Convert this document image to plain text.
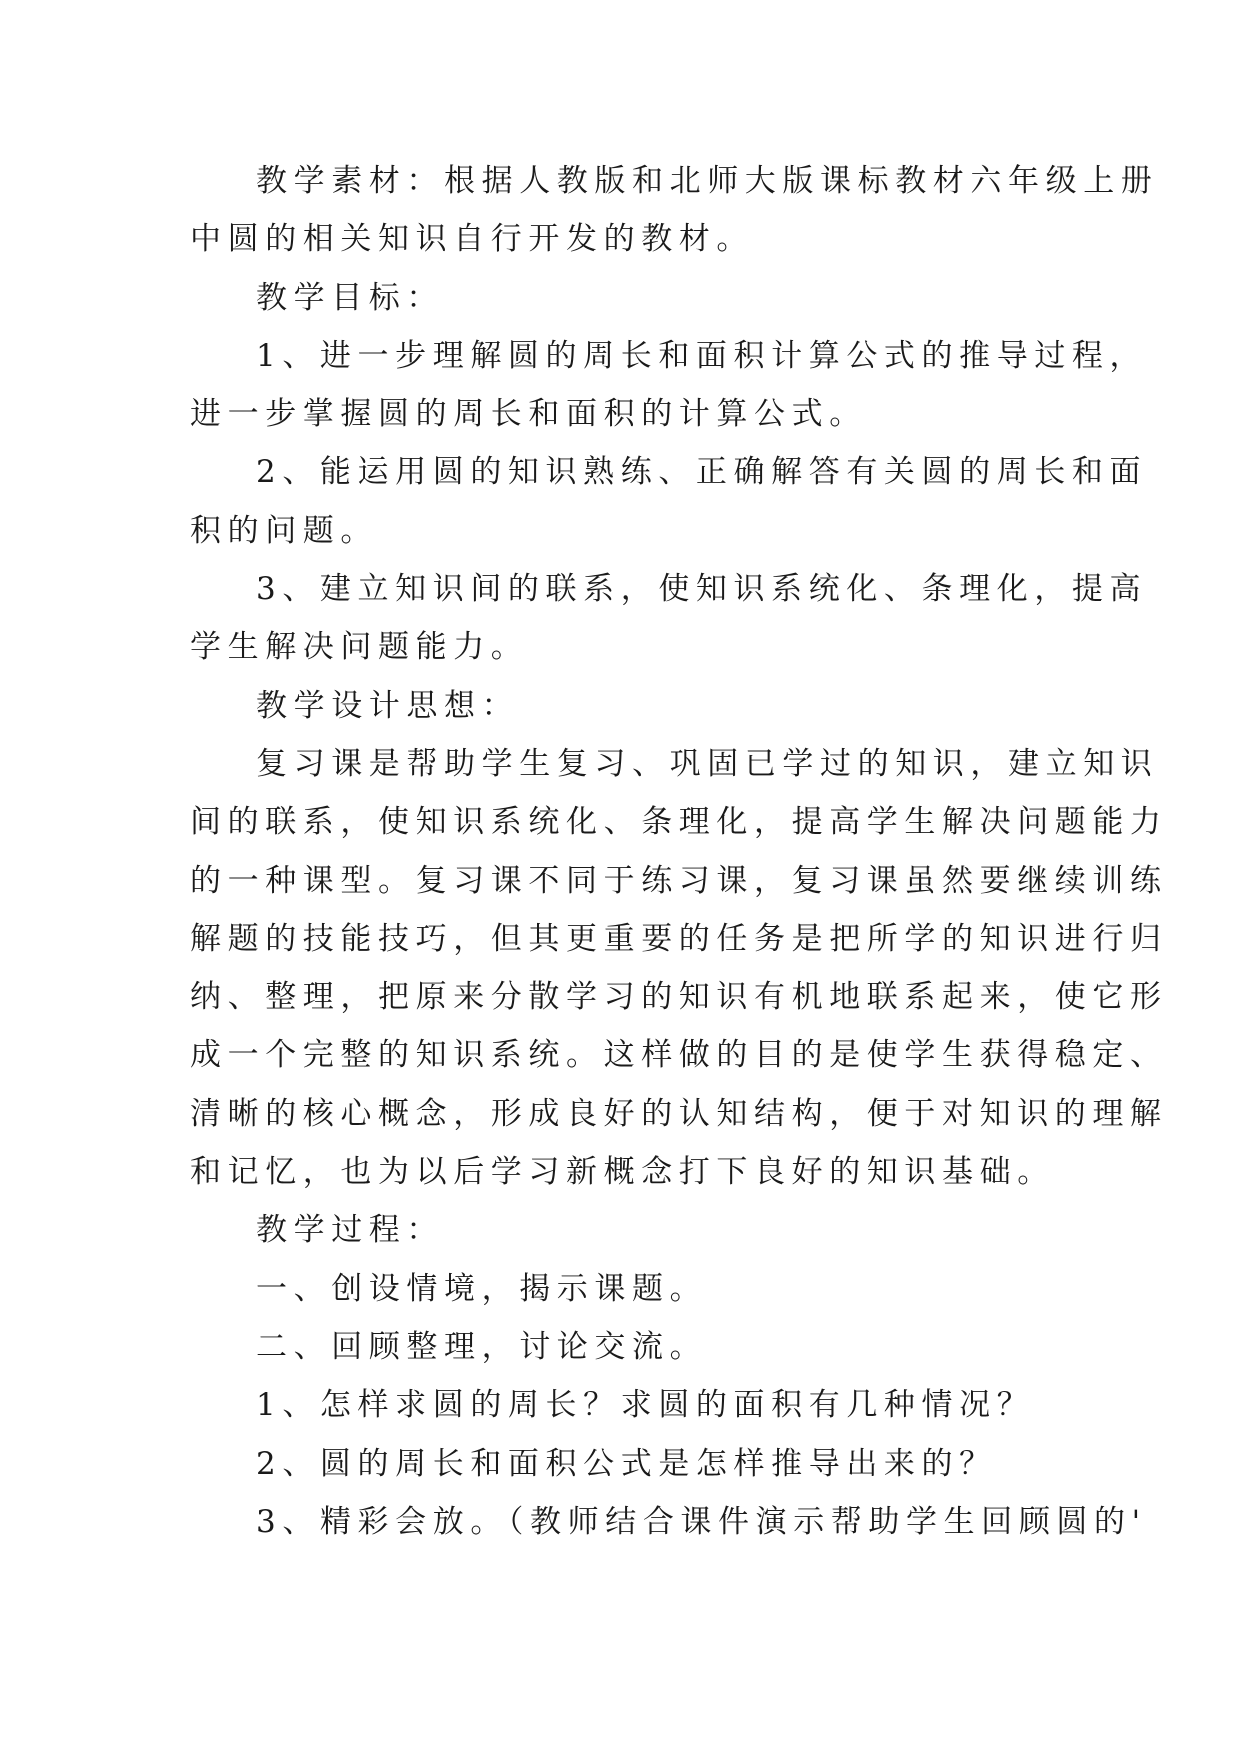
教学素材：根据人教版和北师大版课标教材六年级上册
中圆的相关知识自行开发的教材。
教学目标：
1、进一步理解圆的周长和面积计算公式的推导过程，
进一步掌握圆的周长和面积的计算公式。
2、能运用圆的知识熟练、正确解答有关圆的周长和面
积的问题。
3、建立知识间的联系，使知识系统化、条理化，提高
学生解决问题能力。
教学设计思想：
复习课是帮助学生复习、巩固已学过的知识，建立知识
间的联系，使知识系统化、条理化，提高学生解决问题能力
的一种课型。复习课不同于练习课，复习课虽然要继续训练
解题的技能技巧，但其更重要的任务是把所学的知识进行归
纳、整理，把原来分散学习的知识有机地联系起来，使它形
成一个完整的知识系统。这样做的目的是使学生获得稳定、
清晰的核心概念，形成良好的认知结构，便于对知识的理解
和记忆，也为以后学习新概念打下良好的知识基础。
教学过程：
一、创设情境，揭示课题。
二、回顾整理，讨论交流。
1、怎样求圆的周长？求圆的面积有几种情况？
2、圆的周长和面积公式是怎样推导出来的？
3、精彩会放。（教师结合课件演示帮助学生回顾圆的'
